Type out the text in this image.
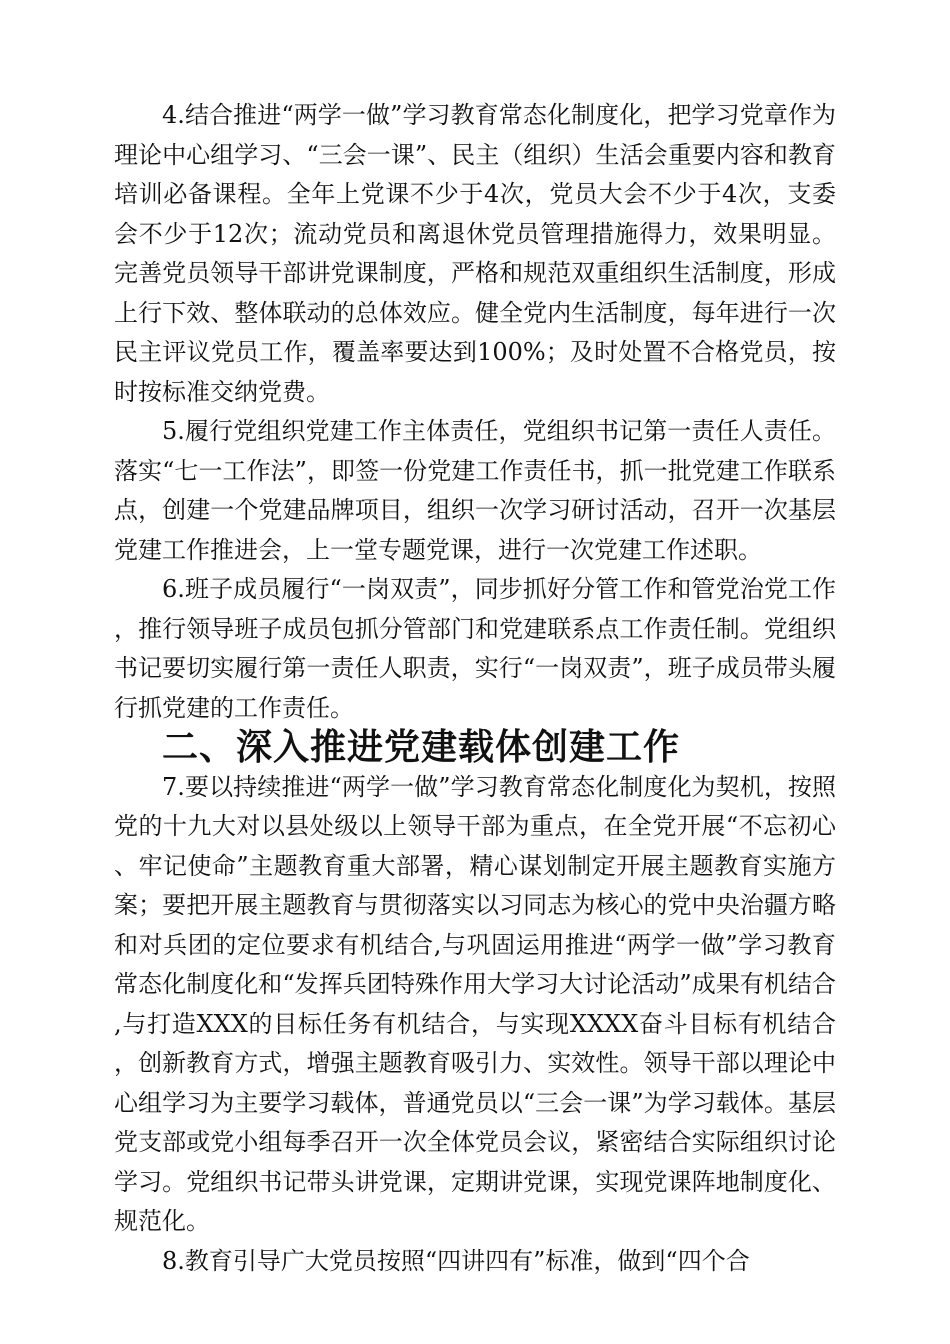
4.结合推进“两学一做”学习教育常态化制度化，把学习党章作为理论中心组学习、“三会一课”、民主（组织）生活会重要内容和教育培训必备课程。全年上党课不少于4次，党员大会不少于4次，支委会不少于12次；流动党员和离退休党员管理措施得力，效果明显。完善党员领导干部讲党课制度，严格和规范双重组织生活制度，形成上行下效、整体联动的总体效应。健全党内生活制度，每年进行一次民主评议党员工作，覆盖率要达到100%；及时处置不合格党员，按时按标准交纳党费。

5.履行党组织党建工作主体责任，党组织书记第一责任人责任。落实“七一工作法”，即签一份党建工作责任书，抓一批党建工作联系点，创建一个党建品牌项目，组织一次学习研讨活动，召开一次基层党建工作推进会，上一堂专题党课，进行一次党建工作述职。

6.班子成员履行“一岗双责”，同步抓好分管工作和管党治党工作，推行领导班子成员包抓分管部门和党建联系点工作责任制。党组织书记要切实履行第一责任人职责，实行“一岗双责”，班子成员带头履行抓党建的工作责任。

二、深入推进党建载体创建工作

7.要以持续推进“两学一做”学习教育常态化制度化为契机，按照党的十九大对以县处级以上领导干部为重点，在全党开展“不忘初心、牢记使命”主题教育重大部署，精心谋划制定开展主题教育实施方案；要把开展主题教育与贯彻落实以习同志为核心的党中央治疆方略和对兵团的定位要求有机结合,与巩固运用推进“两学一做”学习教育常态化制度化和“发挥兵团特殊作用大学习大讨论活动”成果有机结合,与打造XXX的目标任务有机结合，与实现XXXX奋斗目标有机结合，创新教育方式，增强主题教育吸引力、实效性。领导干部以理论中心组学习为主要学习载体，普通党员以“三会一课”为学习载体。基层党支部或党小组每季召开一次全体党员会议，紧密结合实际组织讨论学习。党组织书记带头讲党课，定期讲党课，实现党课阵地制度化、规范化。

8.教育引导广大党员按照“四讲四有”标准，做到“四个合
